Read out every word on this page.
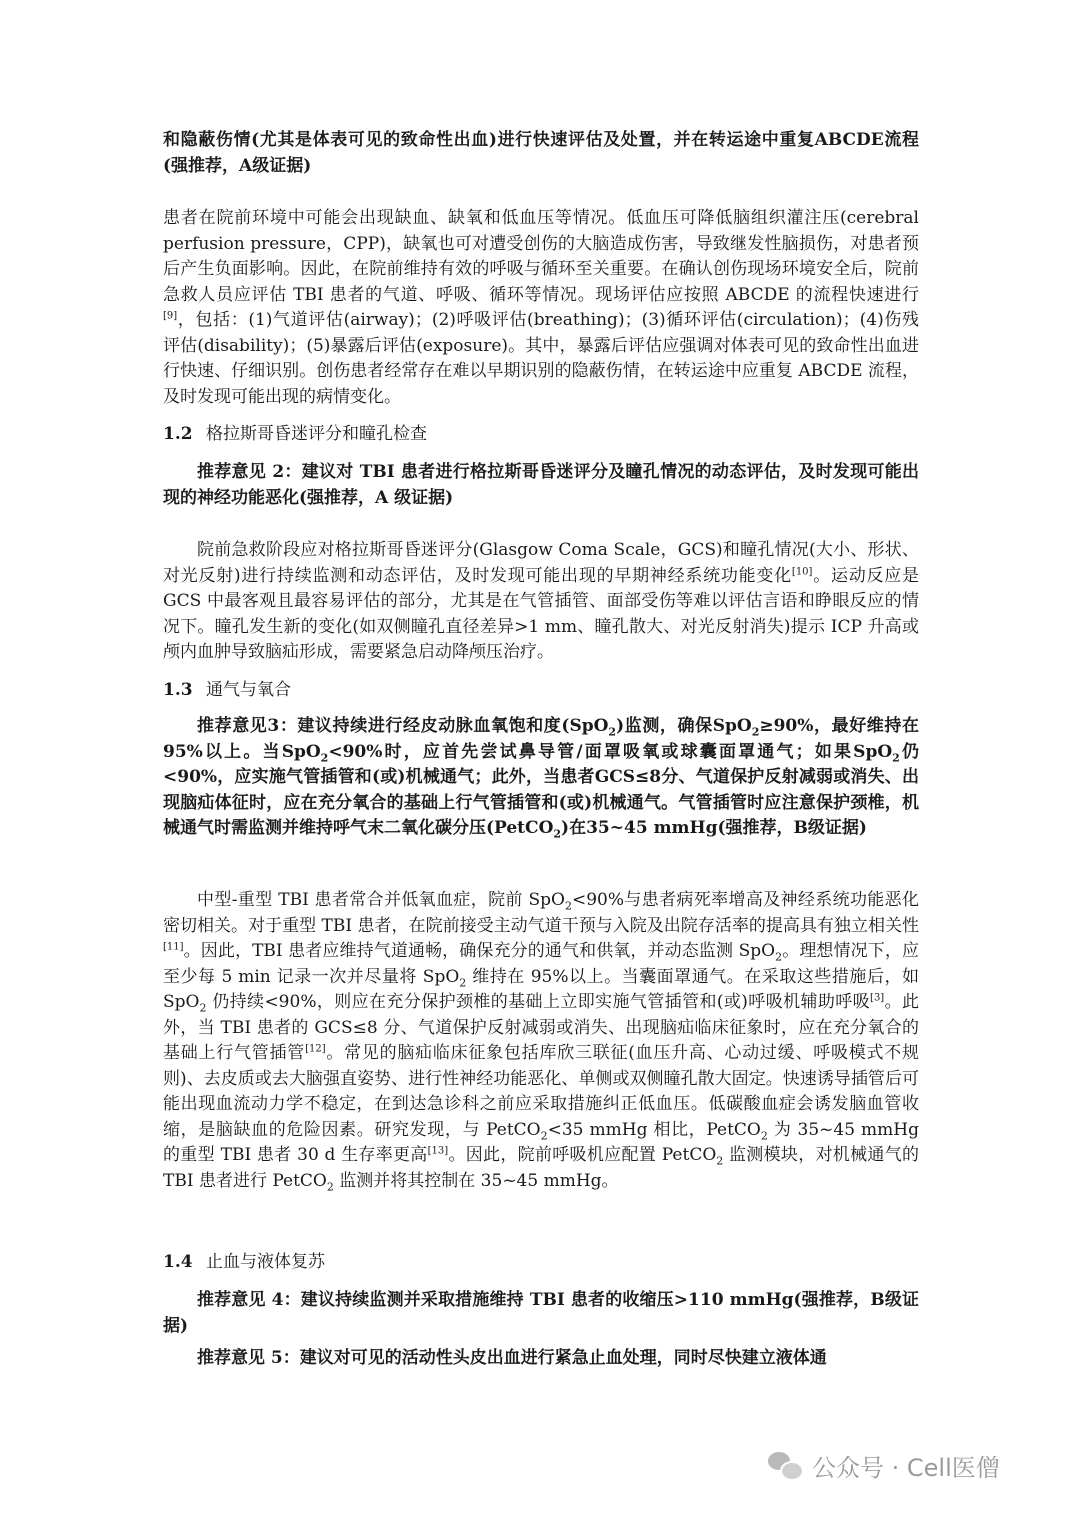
和隐蔽伤情(尤其是体表可见的致命性出血)进行快速评估及处置，并在转运途中重复ABCDE流程(强推荐，A级证据)

患者在院前环境中可能会出现缺血、缺氧和低血压等情况。低血压可降低脑组织灌注压(cerebral perfusion pressure，CPP)，缺氧也可对遭受创伤的大脑造成伤害，导致继发性脑损伤，对患者预后产生负面影响。因此，在院前维持有效的呼吸与循环至关重要。在确认创伤现场环境安全后，院前急救人员应评估 TBI 患者的气道、呼吸、循环等情况。现场评估应按照 ABCDE 的流程快速进行[9]，包括：(1)气道评估(airway)；(2)呼吸评估(breathing)；(3)循环评估(circulation)；(4)伤残评估(disability)；(5)暴露后评估(exposure)。其中，暴露后评估应强调对体表可见的致命性出血进行快速、仔细识别。创伤患者经常存在难以早期识别的隐蔽伤情，在转运途中应重复 ABCDE 流程，及时发现可能出现的病情变化。

1.2 格拉斯哥昏迷评分和瞳孔检查

推荐意见 2：建议对 TBI 患者进行格拉斯哥昏迷评分及瞳孔情况的动态评估，及时发现可能出现的神经功能恶化(强推荐，A 级证据)

院前急救阶段应对格拉斯哥昏迷评分(Glasgow Coma Scale，GCS)和瞳孔情况(大小、形状、对光反射)进行持续监测和动态评估，及时发现可能出现的早期神经系统功能变化[10]。运动反应是 GCS 中最客观且最容易评估的部分，尤其是在气管插管、面部受伤等难以评估言语和睁眼反应的情况下。瞳孔发生新的变化(如双侧瞳孔直径差异>1 mm、瞳孔散大、对光反射消失)提示 ICP 升高或颅内血肿导致脑疝形成，需要紧急启动降颅压治疗。

1.3 通气与氧合

推荐意见3：建议持续进行经皮动脉血氧饱和度(SpO$_2$)监测，确保SpO$_2$≥90%，最好维持在95%以上。当SpO$_2$<90%时，应首先尝试鼻导管/面罩吸氧或球囊面罩通气；如果SpO$_2$仍<90%，应实施气管插管和(或)机械通气；此外，当患者GCS≤8分、气道保护反射减弱或消失、出现脑疝体征时，应在充分氧合的基础上行气管插管和(或)机械通气。气管插管时应注意保护颈椎，机械通气时需监测并维持呼气末二氧化碳分压(PetCO$_2$)在35~45 mmHg(强推荐，B级证据)

中型-重型 TBI 患者常合并低氧血症，院前 SpO$_2$<90%与患者病死率增高及神经系统功能恶化密切相关。对于重型 TBI 患者，在院前接受主动气道干预与入院及出院存活率的提高具有独立相关性[11]。因此，TBI 患者应维持气道通畅，确保充分的通气和供氧，并动态监测 SpO$_2$。理想情况下，应至少每 5 min 记录一次并尽量将 SpO$_2$ 维持在 95%以上。当囊面罩通气。在采取这些措施后，如 SpO$_2$ 仍持续<90%，则应在充分保护颈椎的基础上立即实施气管插管和(或)呼吸机辅助呼吸[3]。此外，当 TBI 患者的 GCS≤8 分、气道保护反射减弱或消失、出现脑疝临床征象时，应在充分氧合的基础上行气管插管[12]。常见的脑疝临床征象包括库欣三联征(血压升高、心动过缓、呼吸模式不规则)、去皮质或去大脑强直姿势、进行性神经功能恶化、单侧或双侧瞳孔散大固定。快速诱导插管后可能出现血流动力学不稳定，在到达急诊科之前应采取措施纠正低血压。低碳酸血症会诱发脑血管收缩，是脑缺血的危险因素。研究发现，与 PetCO$_2$<35 mmHg 相比，PetCO$_2$ 为 35~45 mmHg 的重型 TBI 患者 30 d 生存率更高[13]。因此，院前呼吸机应配置 PetCO$_2$ 监测模块，对机械通气的 TBI 患者进行 PetCO$_2$ 监测并将其控制在 35~45 mmHg。

1.4 止血与液体复苏

推荐意见 4：建议持续监测并采取措施维持 TBI 患者的收缩压>110 mmHg(强推荐，B级证据)

推荐意见 5：建议对可见的活动性头皮出血进行紧急止血处理，同时尽快建立液体通

公众号 · Cell医僧
